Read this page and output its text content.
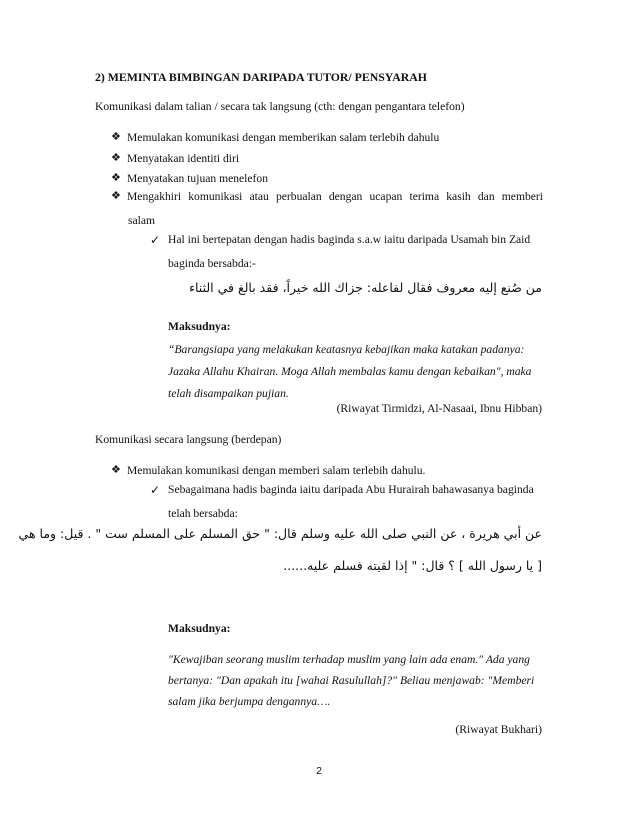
2) MEMINTA BIMBINGAN DARIPADA TUTOR/ PENSYARAH

Komunikasi dalam talian / secara tak langsung (cth: dengan pengantara telefon)

❖ Memulakan komunikasi dengan memberikan salam terlebih dahulu
❖ Menyatakan identiti diri
❖ Menyatakan tujuan menelefon
❖ Mengakhiri komunikasi atau perbualan dengan ucapan terima kasih dan memberi
salam
✓ Hal ini bertepatan dengan hadis baginda s.a.w iaitu daripada Usamah bin Zaid
baginda bersabda:-

من صُنع إليه معروف فقال لفاعله: جزاك الله خيراً، فقد بالغ في الثناء

Maksudnya:

“Barangsiapa yang melakukan keatasnya kebajikan maka katakan padanya:
Jazaka Allahu Khairan. Moga Allah membalas kamu dengan kebaikan", maka
telah disampaikan pujian.

(Riwayat Tirmidzi, Al-Nasaai, Ibnu Hibban)

Komunikasi secara langsung (berdepan)

❖ Memulakan komunikasi dengan memberi salam terlebih dahulu.
✓ Sebagaimana hadis baginda iaitu daripada Abu Hurairah bahawasanya baginda
telah bersabda:

عن أبي هريرة ، عن النبي صلى الله عليه وسلم قال: " حق المسلم على المسلم ست " . قيل: وما هي

[ يا رسول الله ] ؟ قال: " إذا لقيته فسلم عليه......

Maksudnya:

"Kewajiban seorang muslim terhadap muslim yang lain ada enam." Ada yang
bertanya: "Dan apakah itu [wahai Rasulullah]?" Beliau menjawab: "Memberi
salam jika berjumpa dengannya….

(Riwayat Bukhari)

2
